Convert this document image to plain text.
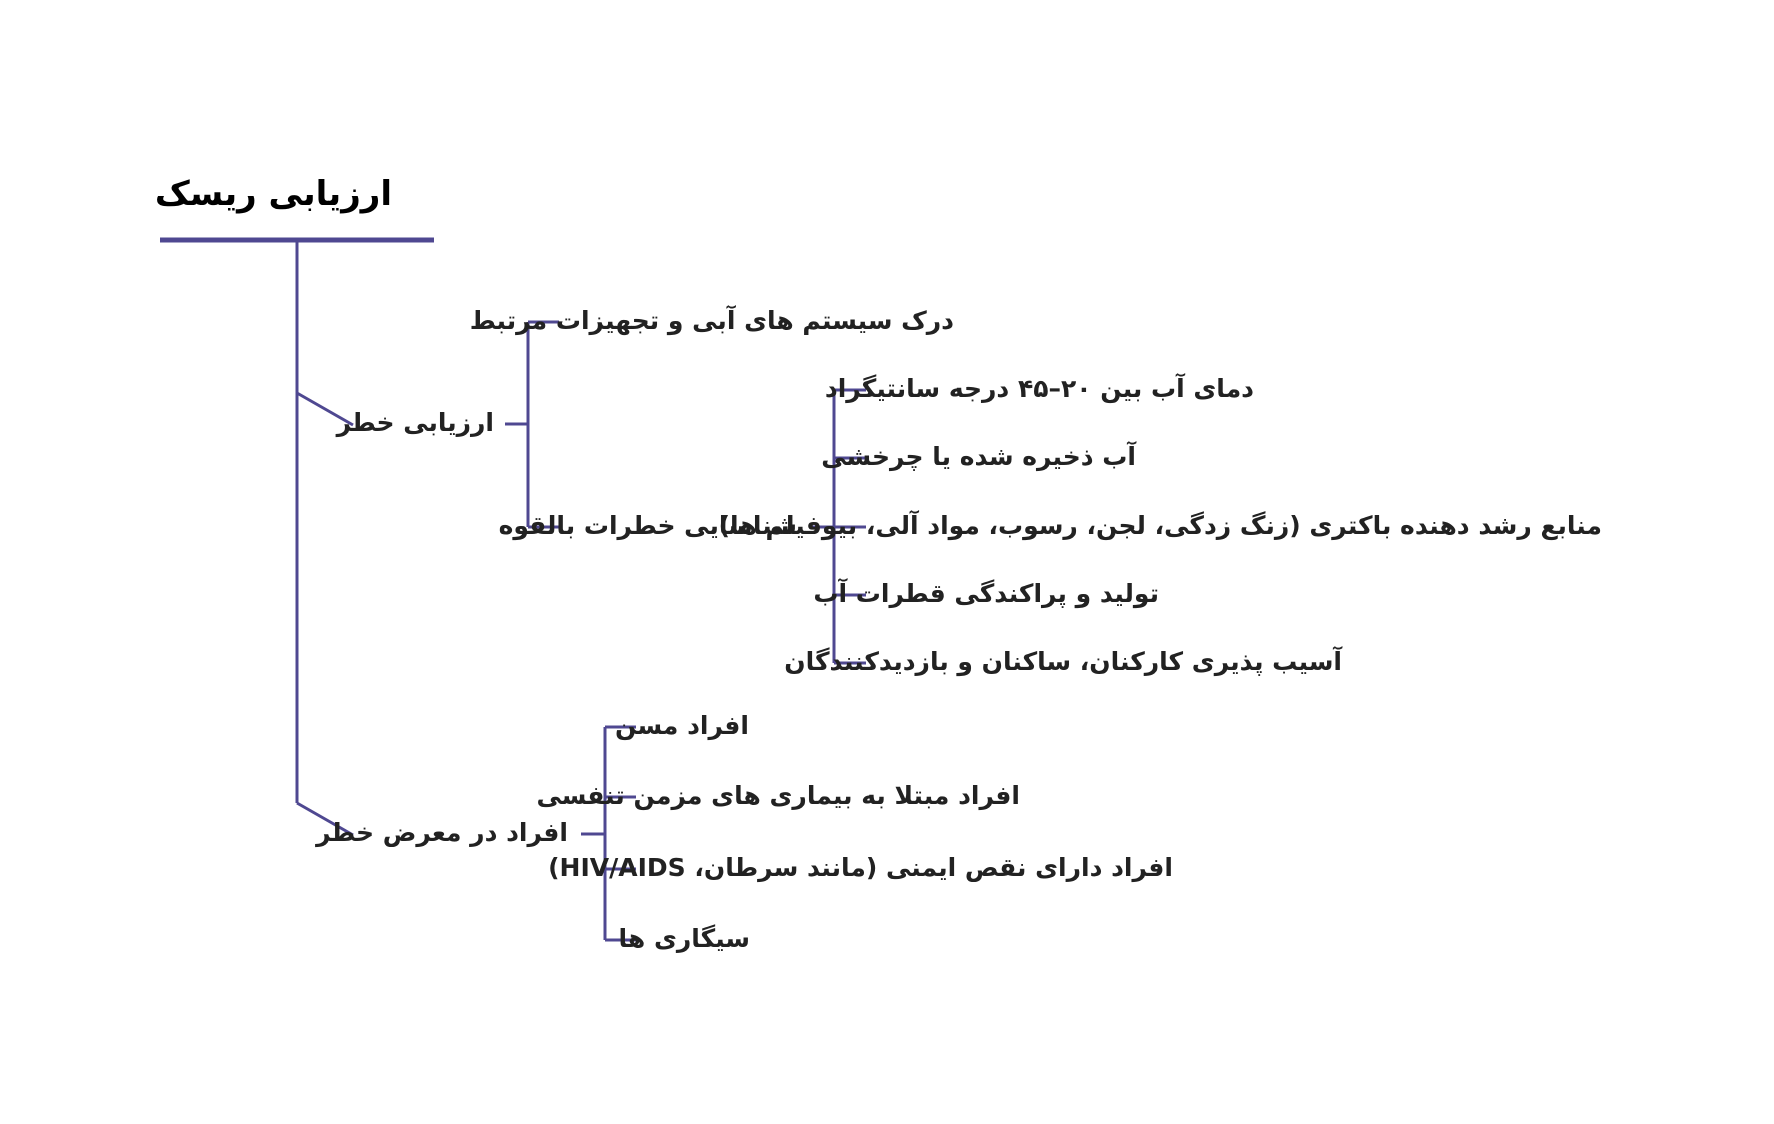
ارزیابی ریسک
ارزیابی خطر
افراد در معرض خطر
درک سیستم های آبی و تجهیزات مرتبط
شناسایی خطرات بالقوه
دمای آب بین ۲۰–۴۵ درجه سانتیگراد
آب ذخیره شده یا چرخشی
منابع رشد دهنده باکتری (زنگ زدگی، لجن، رسوب، مواد آلی، بیوفیلم ها)
تولید و پراکندگی قطرات آب
آسیب پذیری کارکنان، ساکنان و بازدیدکنندگان
افراد مسن
افراد مبتلا به بیماری های مزمن تنفسی
افراد دارای نقص ایمنی (مانند سرطان، HIV/AIDS)
سیگاری ها
